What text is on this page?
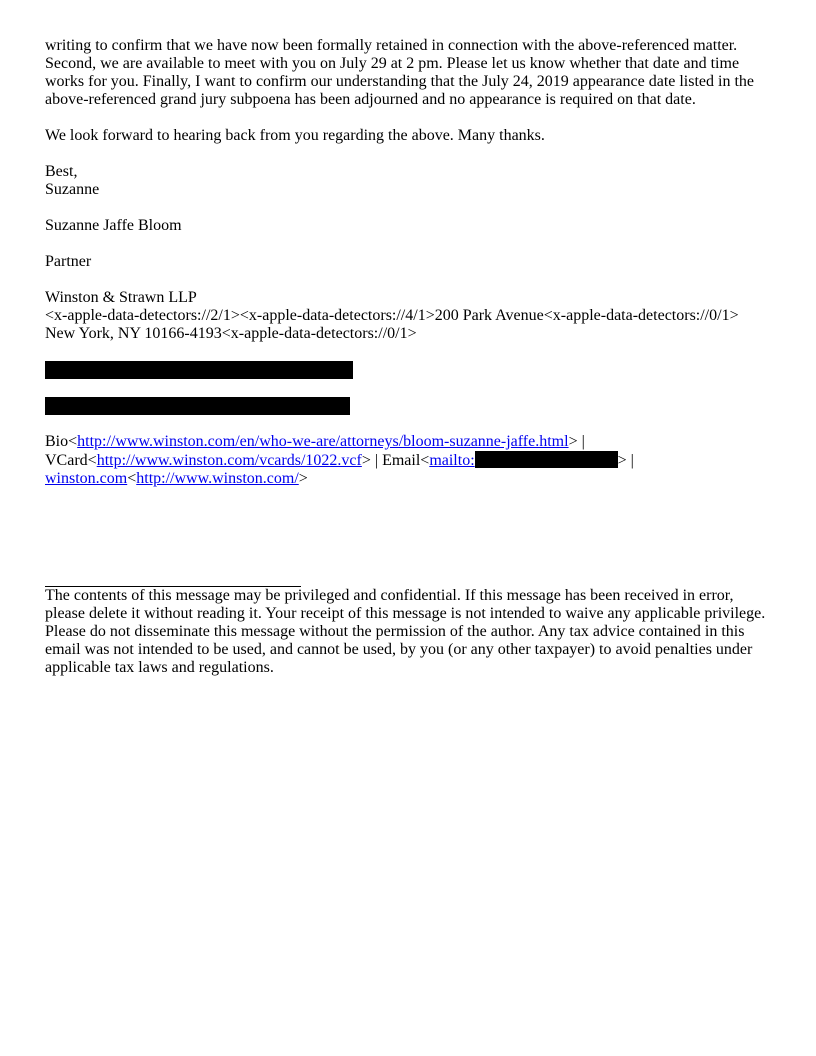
writing to confirm that we have now been formally retained in connection with the above-referenced matter.

Second, we are available to meet with you on July 29 at 2 pm. Please let us know whether that date and time

works for you. Finally, I want to confirm our understanding that the July 24, 2019 appearance date listed in the

above-referenced grand jury subpoena has been adjourned and no appearance is required on that date.

We look forward to hearing back from you regarding the above. Many thanks.

Best,

Suzanne

Suzanne Jaffe Bloom

Partner

Winston & Strawn LLP

<x-apple-data-detectors://2/1><x-apple-data-detectors://4/1>200 Park Avenue<x-apple-data-detectors://0/1>

New York, NY 10166-4193<x-apple-data-detectors://0/1>

Bio<http://www.winston.com/en/who-we-are/attorneys/bloom-suzanne-jaffe.html> |

VCard<http://www.winston.com/vcards/1022.vcf> | Email<mailto:	> |

winston.com<http://www.winston.com/>

The contents of this message may be privileged and confidential. If this message has been received in error,

please delete it without reading it. Your receipt of this message is not intended to waive any applicable privilege.

Please do not disseminate this message without the permission of the author. Any tax advice contained in this

email was not intended to be used, and cannot be used, by you (or any other taxpayer) to avoid penalties under

applicable tax laws and regulations.
